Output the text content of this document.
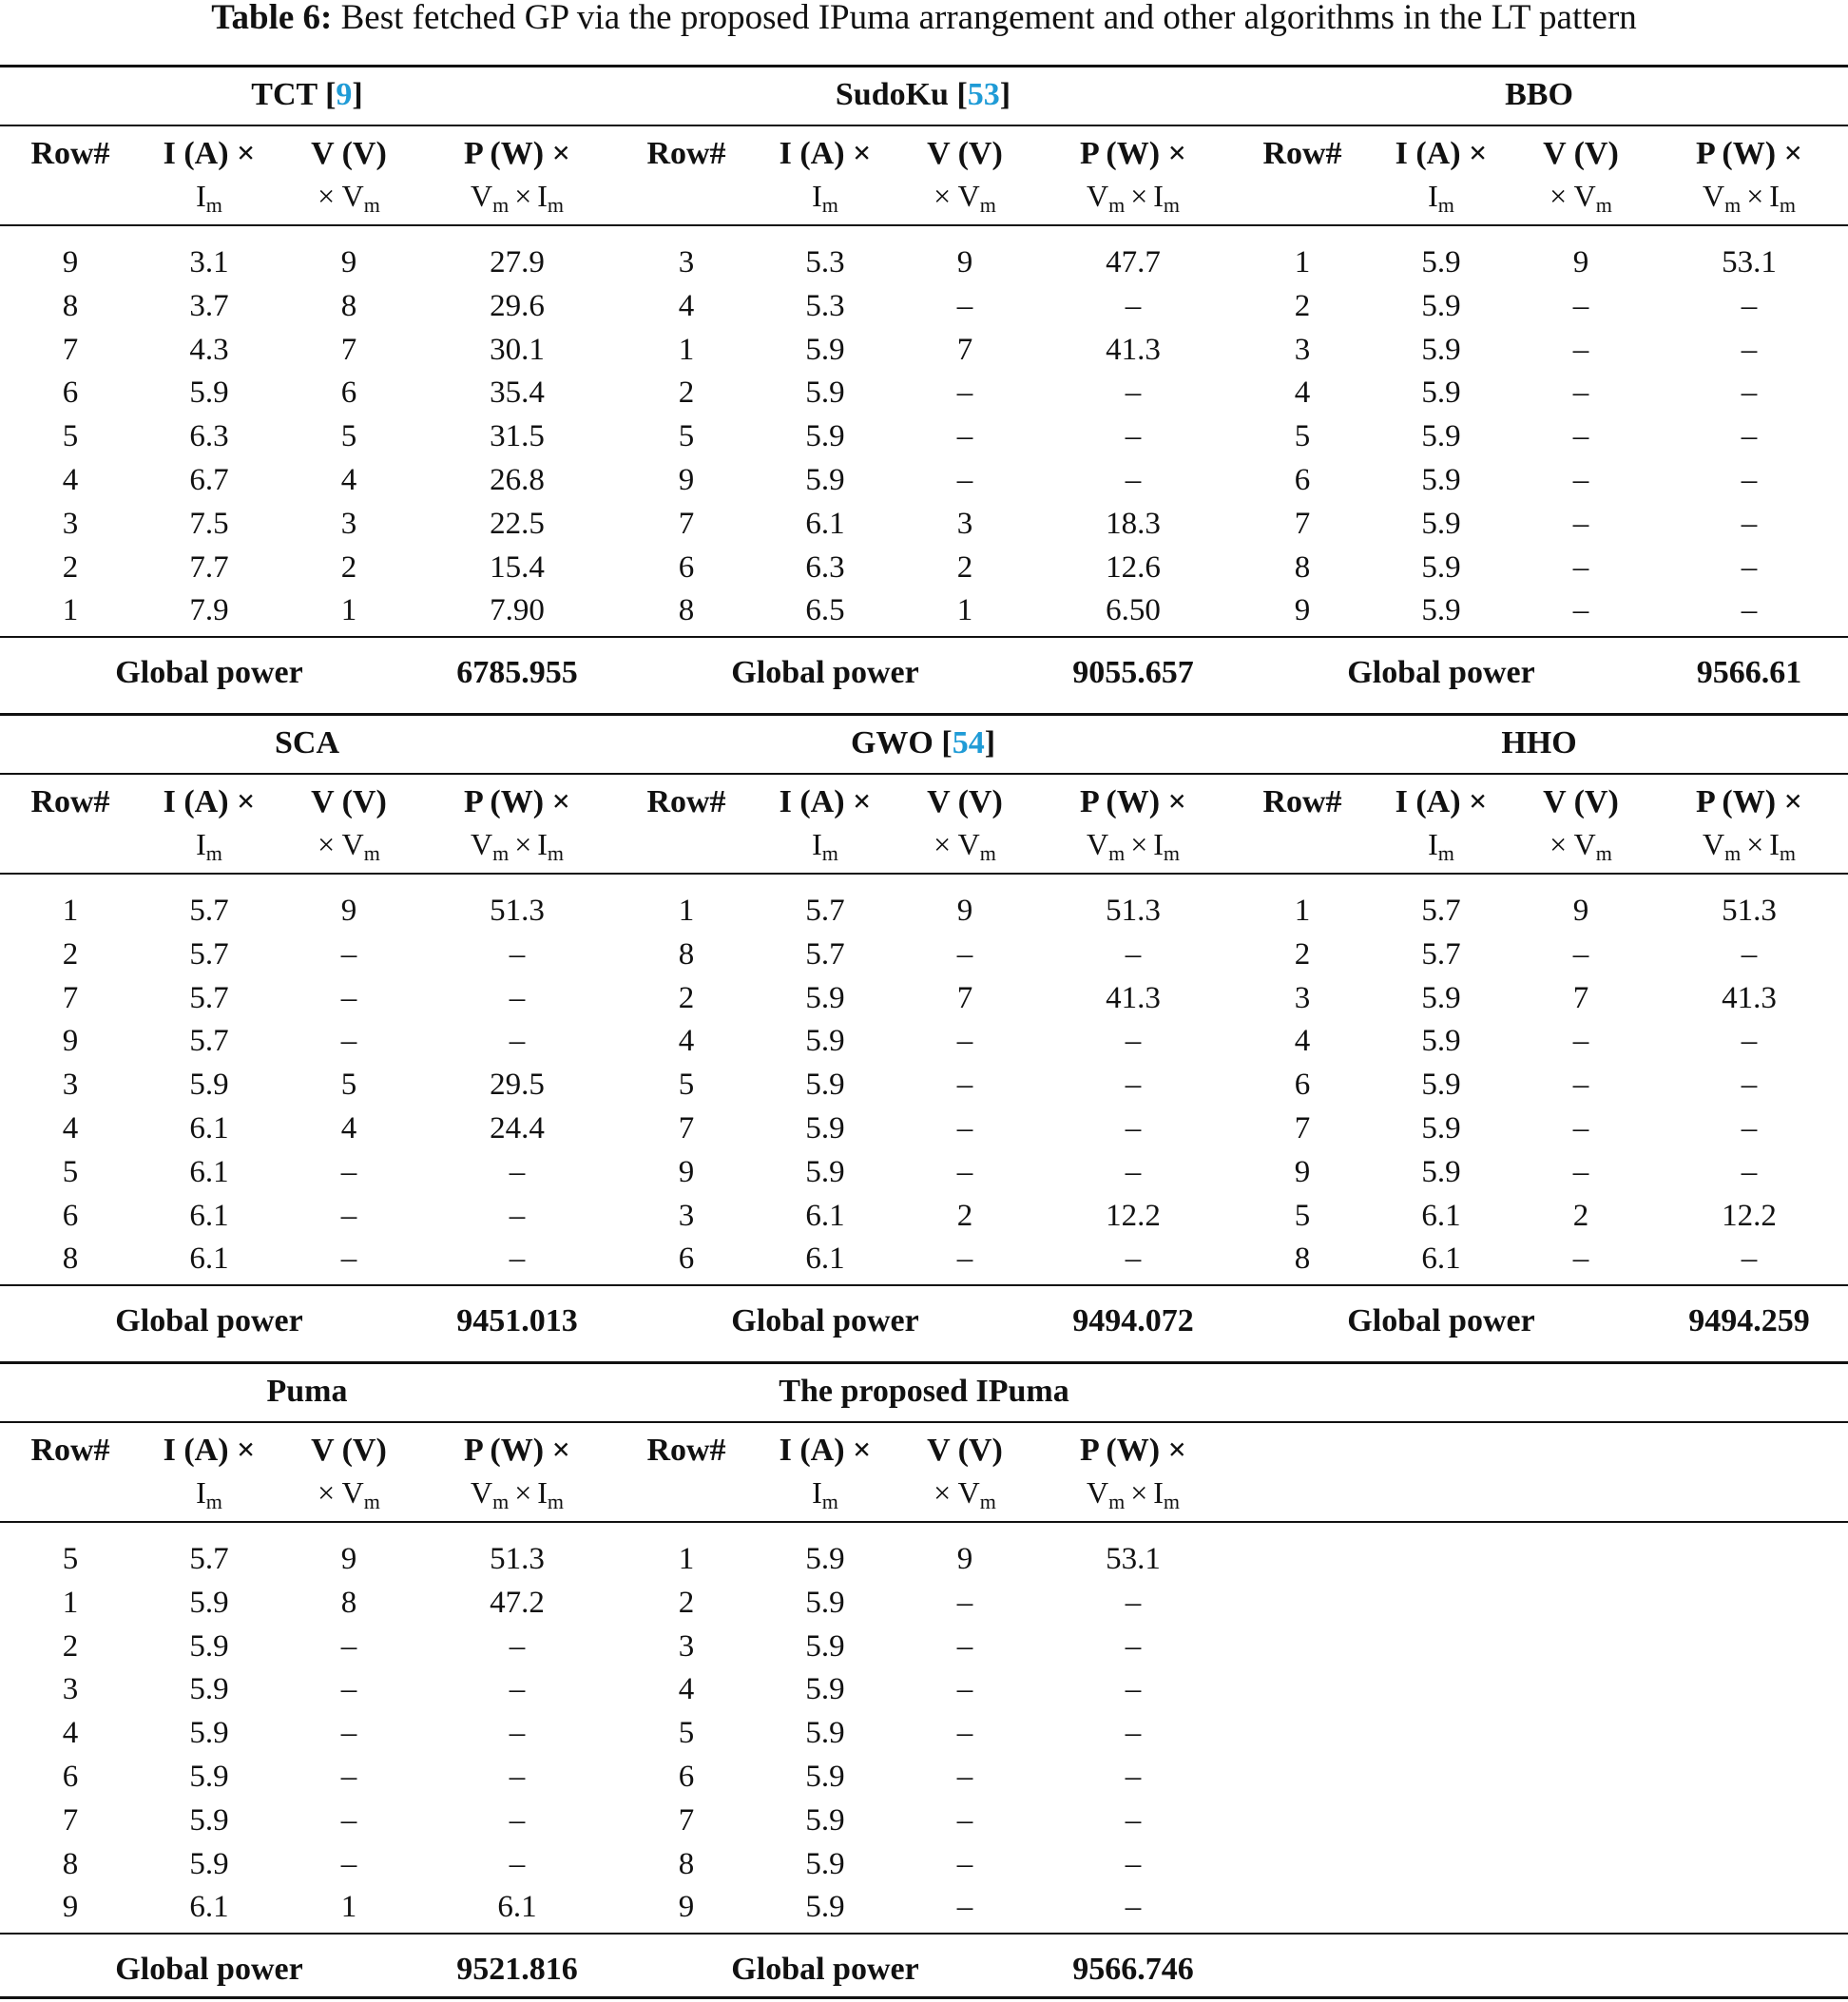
Table 6: Best fetched GP via the proposed IPuma arrangement and other algorithms in the LT pattern
TCT [9]
Row#	I (A) ×
$I_m$
V (V)
× $V_m$
P (W) ×
$V_m \times I_m$
9	3.1	9	27.9
8	3.7	8	29.6
7	4.3	7	30.1
6	5.9	6	35.4
5	6.3	5	31.5
4	6.7	4	26.8
3	7.5	3	22.5
2	7.7	2	15.4
1	7.9	1	7.90
Global power	6785.955
SudoKu [53]
Row#	I (A) ×
$I_m$
V (V)
× $V_m$
P (W) ×
$V_m \times I_m$
3	5.3	9	47.7
4	5.3	–	–
1	5.9	7	41.3
2	5.9	–	–
5	5.9	–	–
9	5.9	–	–
7	6.1	3	18.3
6	6.3	2	12.6
8	6.5	1	6.50
Global power	9055.657
BBO
Row#	I (A) ×
$I_m$
V (V)
× $V_m$
P (W) ×
$V_m \times I_m$
1	5.9	9	53.1
2	5.9	–	–
3	5.9	–	–
4	5.9	–	–
5	5.9	–	–
6	5.9	–	–
7	5.9	–	–
8	5.9	–	–
9	5.9	–	–
Global power	9566.61
SCA
Row#	I (A) ×
$I_m$
V (V)
× $V_m$
P (W) ×
$V_m \times I_m$
1	5.7	9	51.3
2	5.7	–	–
7	5.7	–	–
9	5.7	–	–
3	5.9	5	29.5
4	6.1	4	24.4
5	6.1	–	–
6	6.1	–	–
8	6.1	–	–
Global power	9451.013
GWO [54]
Row#	I (A) ×
$I_m$
V (V)
× $V_m$
P (W) ×
$V_m \times I_m$
1	5.7	9	51.3
8	5.7	–	–
2	5.9	7	41.3
4	5.9	–	–
5	5.9	–	–
7	5.9	–	–
9	5.9	–	–
3	6.1	2	12.2
6	6.1	–	–
Global power	9494.072
HHO
Row#	I (A) ×
$I_m$
V (V)
× $V_m$
P (W) ×
$V_m \times I_m$
1	5.7	9	51.3
2	5.7	–	–
3	5.9	7	41.3
4	5.9	–	–
6	5.9	–	–
7	5.9	–	–
9	5.9	–	–
5	6.1	2	12.2
8	6.1	–	–
Global power	9494.259
Puma
Row#	I (A) ×
$I_m$
V (V)
× $V_m$
P (W) ×
$V_m \times I_m$
5	5.7	9	51.3
1	5.9	8	47.2
2	5.9	–	–
3	5.9	–	–
4	5.9	–	–
6	5.9	–	–
7	5.9	–	–
8	5.9	–	–
9	6.1	1	6.1
Global power	9521.816
The proposed IPuma
Row#	I (A) ×
$I_m$
V (V)
× $V_m$
P (W) ×
$V_m \times I_m$
1	5.9	9	53.1
2	5.9	–	–
3	5.9	–	–
4	5.9	–	–
5	5.9	–	–
6	5.9	–	–
7	5.9	–	–
8	5.9	–	–
9	5.9	–	–
Global power	9566.746
